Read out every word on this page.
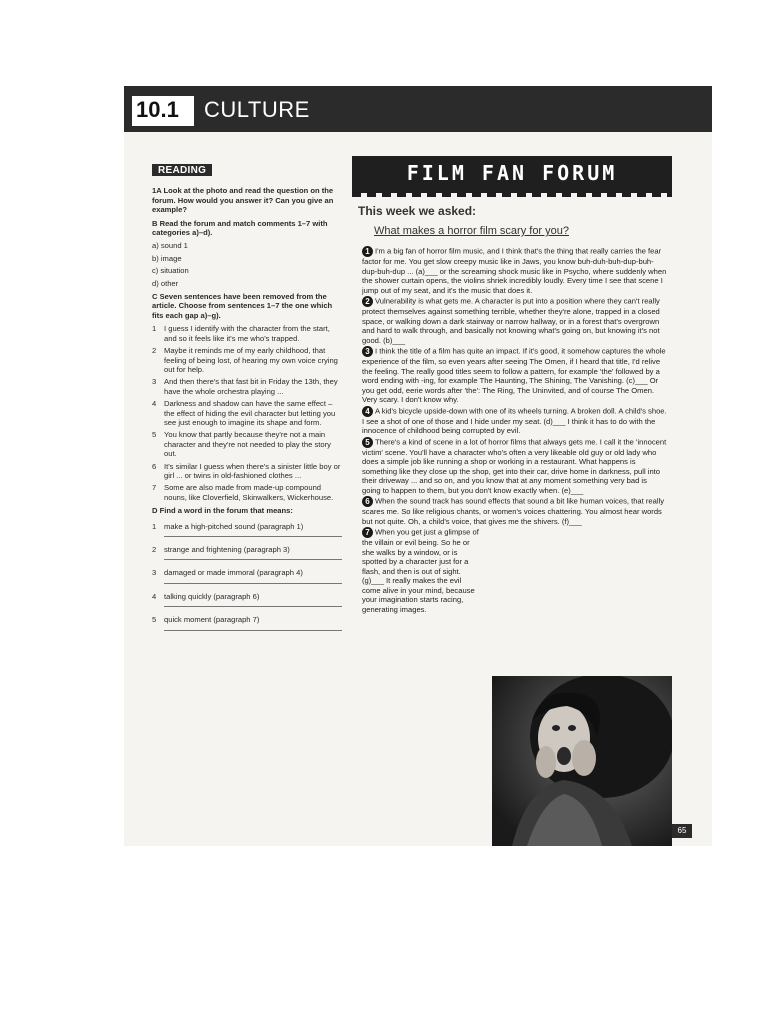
10.1 CULTURE
READING
1A Look at the photo and read the question on the forum. How would you answer it? Can you give an example?
B Read the forum and match comments 1–7 with categories a)–d).
a) sound 1
b) image
c) situation
d) other
C Seven sentences have been removed from the article. Choose from sentences 1–7 the one which fits each gap a)–g).
1	I guess I identify with the character from the start, and so it feels like it's me who's trapped.
2	Maybe it reminds me of my early childhood, that feeling of being lost, of hearing my own voice crying out for help.
3	And then there's that fast bit in Friday the 13th, they have the whole orchestra playing ...
4	Darkness and shadow can have the same effect – the effect of hiding the evil character but letting you see just enough to imagine its shape and form.
5	You know that partly because they're not a main character and they're not needed to play the story out.
6	It's similar I guess when there's a sinister little boy or girl ... or twins in old-fashioned clothes ...
7	Some are also made from made-up compound nouns, like Cloverfield, Skinwalkers, Wickerhouse.
D Find a word in the forum that means:
1	make a high-pitched sound (paragraph 1)
2	strange and frightening (paragraph 3)
3	damaged or made immoral (paragraph 4)
4	talking quickly (paragraph 6)
5	quick moment (paragraph 7)
FILM FAN FORUM
This week we asked:
What makes a horror film scary for you?
1 I'm a big fan of horror film music, and I think that's the thing that really carries the fear factor for me. You get slow creepy music like in Jaws, you know buh-duh-buh-dup-buh-dup-buh-dup ... (a)___ or the screaming shock music like in Psycho, where suddenly when the shower curtain opens, the violins shriek incredibly loudly. Every time I see that scene I jump out of my seat, and it's the music that does it.
2 Vulnerability is what gets me. A character is put into a position where they can't really protect themselves against something terrible, whether they're alone, trapped in a closed space, or walking down a dark stairway or narrow hallway, or in a forest that's overgrown and hard to walk through, and basically not knowing what's going on, but knowing it's not good. (b)___
3 I think the title of a film has quite an impact. If it's good, it somehow captures the whole experience of the film, so even years after seeing The Omen, if I heard that title, I'd relive the feeling. The really good titles seem to follow a pattern, for example 'the' followed by a word ending with -ing, for example The Haunting, The Shining, The Vanishing. (c)___ Or you get odd, eerie words after 'the': The Ring, The Uninvited, and of course The Omen. Very scary. I don't know why.
4 A kid's bicycle upside-down with one of its wheels turning. A broken doll. A child's shoe. I see a shot of one of those and I hide under my seat. (d)___ I think it has to do with the innocence of childhood being corrupted by evil.
5 There's a kind of scene in a lot of horror films that always gets me. I call it the 'innocent victim' scene. You'll have a character who's often a very likeable old guy or old lady who does a simple job like running a shop or working in a restaurant. What happens is something like they close up the shop, get into their car, drive home in darkness, pull into their driveway ... and so on, and you know that at any moment something very bad is going to happen to them, but you don't know exactly when. (e)___
6 When the sound track has sound effects that sound a bit like human voices, that really scares me. So like religious chants, or women's voices chattering. You almost hear words but not quite. Oh, a child's voice, that gives me the shivers. (f)___
7 When you get just a glimpse of the villain or evil being. So he or she walks by a window, or is spotted by a character just for a flash, and then is out of sight. (g)___ It really makes the evil come alive in your mind, because your imagination starts racing, generating images.
65
